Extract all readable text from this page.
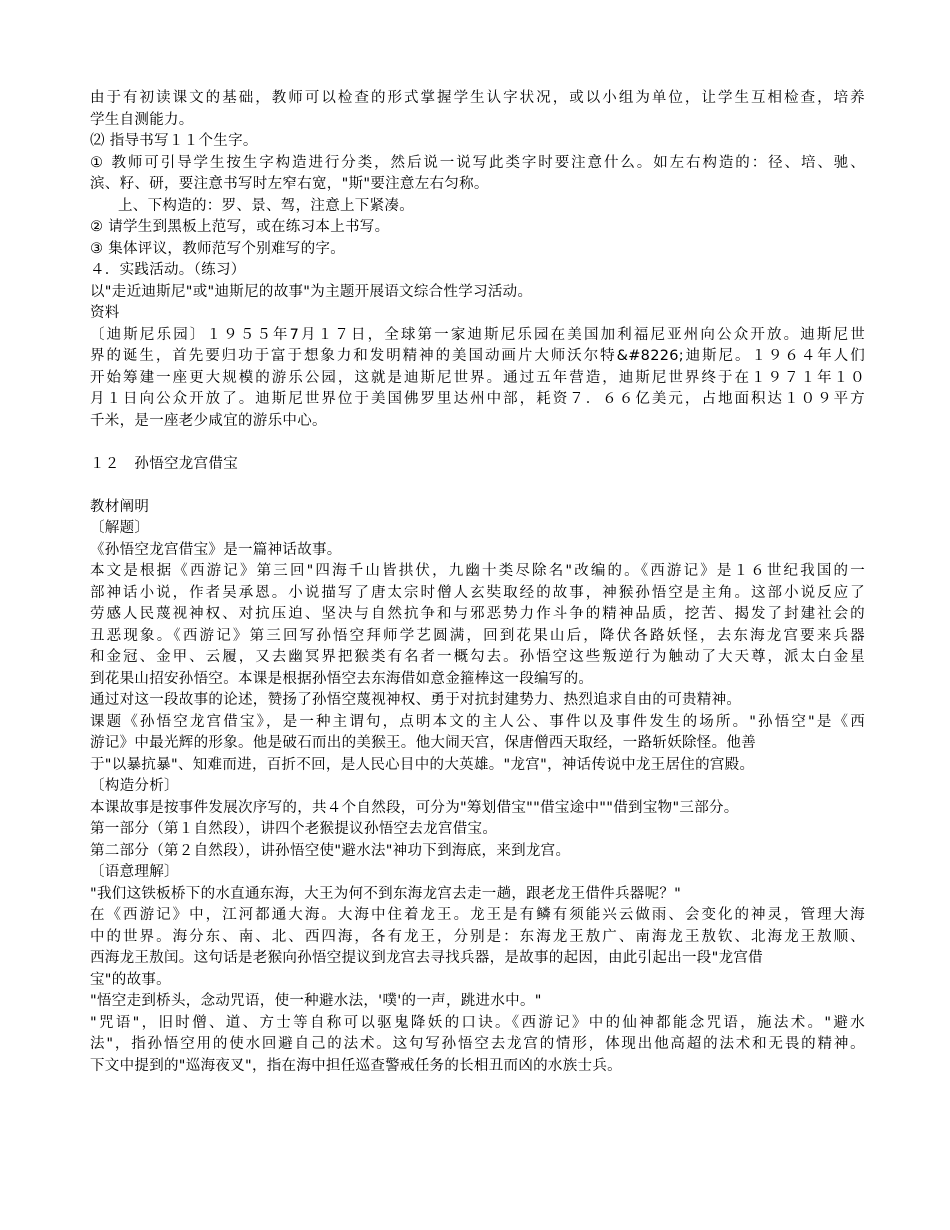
由于有初读课文的基础，教师可以检查的形式掌握学生认字状况，或以小组为单位，让学生互相检查，培养
学生自测能力。
⑵ 指导书写１１个生字。
① 教师可引导学生按生字构造进行分类，然后说一说写此类字时要注意什么。如左右构造的：径、培、驰、
滨、籽、研，要注意书写时左窄右宽，"斯"要注意左右匀称。
上、下构造的：罗、景、驾，注意上下紧凑。
② 请学生到黑板上范写，或在练习本上书写。
③ 集体评议，教师范写个别难写的字。
４．实践活动。（练习）
以"走近迪斯尼"或"迪斯尼的故事"为主题开展语文综合性学习活动。
资料
〔迪斯尼乐园〕１９５５年7月１７日，全球第一家迪斯尼乐园在美国加利福尼亚州向公众开放。迪斯尼世
界的诞生，首先要归功于富于想象力和发明精神的美国动画片大师沃尔特&#8226;迪斯尼。１９６４年人们
开始筹建一座更大规模的游乐公园，这就是迪斯尼世界。通过五年营造，迪斯尼世界终于在１９７１年１０
月１日向公众开放了。迪斯尼世界位于美国佛罗里达州中部，耗资７．６６亿美元，占地面积达１０９平方
千米，是一座老少咸宜的游乐中心。
１２　孙悟空龙宫借宝
教材阐明
〔解题〕
《孙悟空龙宫借宝》是一篇神话故事。
本文是根据《西游记》第三回"四海千山皆拱伏，九幽十类尽除名"改编的。《西游记》是１６世纪我国的一
部神话小说，作者吴承恩。小说描写了唐太宗时僧人玄奘取经的故事，神猴孙悟空是主角。这部小说反应了
劳感人民蔑视神权、对抗压迫、坚决与自然抗争和与邪恶势力作斗争的精神品质，挖苦、揭发了封建社会的
丑恶现象。《西游记》第三回写孙悟空拜师学艺圆满，回到花果山后，降伏各路妖怪，去东海龙宫要来兵器
和金冠、金甲、云履，又去幽冥界把猴类有名者一概勾去。孙悟空这些叛逆行为触动了大天尊，派太白金星
到花果山招安孙悟空。本课是根据孙悟空去东海借如意金箍棒这一段编写的。
通过对这一段故事的论述，赞扬了孙悟空蔑视神权、勇于对抗封建势力、热烈追求自由的可贵精神。
课题《孙悟空龙宫借宝》，是一种主谓句，点明本文的主人公、事件以及事件发生的场所。"孙悟空"是《西
游记》中最光辉的形象。他是破石而出的美猴王。他大闹天宫，保唐僧西天取经，一路斩妖除怪。他善
于"以暴抗暴"、知难而进，百折不回，是人民心目中的大英雄。"龙宫"，神话传说中龙王居住的宫殿。
〔构造分析〕
本课故事是按事件发展次序写的，共４个自然段，可分为"筹划借宝""借宝途中""借到宝物"三部分。
第一部分（第１自然段），讲四个老猴提议孙悟空去龙宫借宝。
第二部分（第２自然段），讲孙悟空使"避水法"神功下到海底，来到龙宫。
〔语意理解〕
"我们这铁板桥下的水直通东海，大王为何不到东海龙宫去走一趟，跟老龙王借件兵器呢？"
在《西游记》中，江河都通大海。大海中住着龙王。龙王是有鳞有须能兴云做雨、会变化的神灵，管理大海
中的世界。海分东、南、北、西四海，各有龙王，分别是：东海龙王敖广、南海龙王敖钦、北海龙王敖顺、
西海龙王敖闰。这句话是老猴向孙悟空提议到龙宫去寻找兵器，是故事的起因，由此引起出一段"龙宫借
宝"的故事。
"悟空走到桥头，念动咒语，使一种避水法，'噗'的一声，跳进水中。"
"咒语"，旧时僧、道、方士等自称可以驱鬼降妖的口诀。《西游记》中的仙神都能念咒语，施法术。"避水
法"，指孙悟空用的使水回避自己的法术。这句写孙悟空去龙宫的情形，体现出他高超的法术和无畏的精神。
下文中提到的"巡海夜叉"，指在海中担任巡查警戒任务的长相丑而凶的水族士兵。
